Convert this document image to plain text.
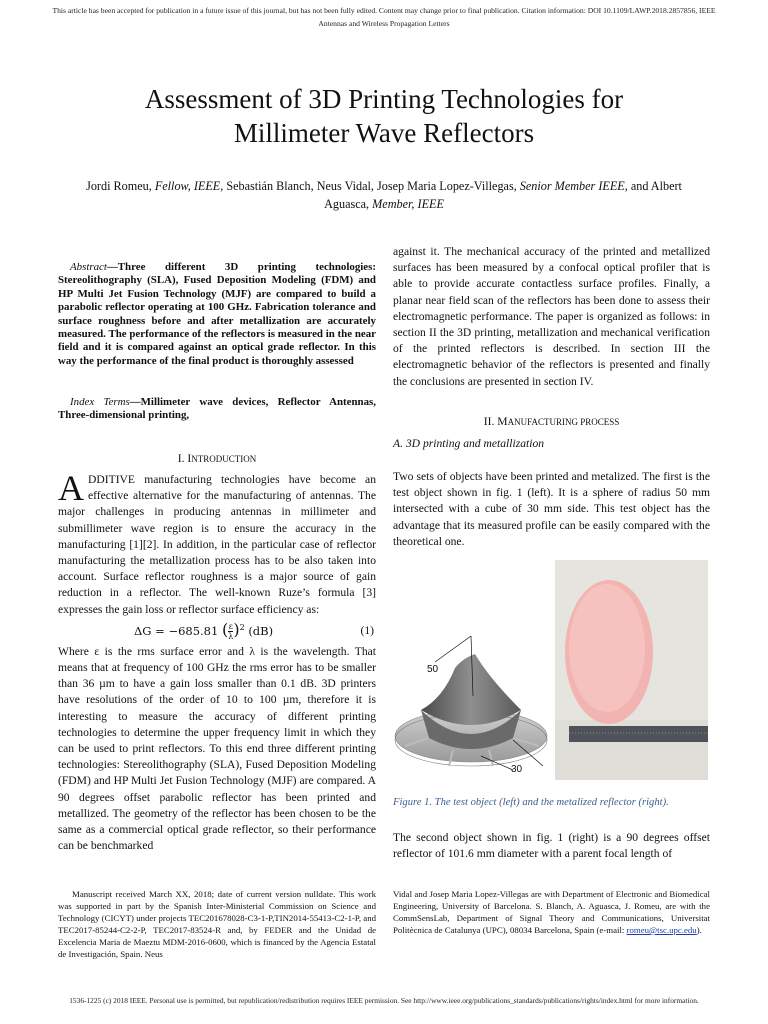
This article has been accepted for publication in a future issue of this journal, but has not been fully edited. Content may change prior to final publication. Citation information: DOI 10.1109/LAWP.2018.2857856, IEEE
Antennas and Wireless Propagation Letters
Assessment of 3D Printing Technologies for
Millimeter Wave Reflectors
Jordi Romeu, Fellow, IEEE, Sebastián Blanch, Neus Vidal, Josep Maria Lopez-Villegas, Senior Member IEEE, and Albert Aguasca, Member, IEEE

Abstract—Three different 3D printing technologies: Stereolithography (SLA), Fused Deposition Modeling (FDM) and HP Multi Jet Fusion Technology (MJF) are compared to build a parabolic reflector operating at 100 GHz. Fabrication tolerance and surface roughness before and after metallization are accurately measured. The performance of the reflectors is measured in the near field and it is compared against an optical grade reflector. In this way the performance of the final product is thoroughly assessed

Index Terms—Millimeter wave devices, Reflector Antennas, Three-dimensional printing,

I. INTRODUCTION

ADDITIVE manufacturing technologies have become an effective alternative for the manufacturing of antennas. The major challenges in producing antennas in millimeter and submillimeter wave region is to ensure the accuracy in the manufacturing [1][2]. In addition, in the particular case of reflector manufacturing the metallization process has to be also taken into account. Surface reflector roughness is a major source of gain reduction in a reflector. The well-known Ruze’s formula [3] expresses the gain loss or reflector surface efficiency as:

ΔG = −685.81 ( $\frac{\varepsilon}{\lambda} )^2$ (dB)	(1)

Where ε is the rms surface error and λ is the wavelength. That means that at frequency of 100 GHz the rms error has to be smaller than 36 µm to have a gain loss smaller than 0.1 dB. 3D printers have resolutions of the order of 10 to 100 µm, therefore it is interesting to measure the accuracy of different printing technologies to determine the upper frequency limit in which they can be used to print reflectors. To this end three different printing technologies: Stereolithography (SLA), Fused Deposition Modeling (FDM) and HP Multi Jet Fusion Technology (MJF) are compared. A 90 degrees offset parabolic reflector has been printed and metallized. The geometry of the reflector has been chosen to be the same as a commercial optical grade reflector, so their performance can be benchmarked

against it. The mechanical accuracy of the printed and metallized surfaces has been measured by a confocal optical profiler that is able to provide accurate contactless surface profiles. Finally, a planar near field scan of the reflectors has been done to assess their electromagnetic performance. The paper is organized as follows: in section II the 3D printing, metallization and mechanical verification of the printed reflectors is described. In section III the electromagnetic behavior of the reflectors is presented and finally the conclusions are presented in section IV.

II. MANUFACTURING PROCESS
A. 3D printing and metallization

Two sets of objects have been printed and metalized. The first is the test object shown in fig. 1 (left). It is a sphere of radius 50 mm intersected with a cube of 30 mm side. This test object has the advantage that its measured profile can be easily compared with the theoretical one.

50
30
Figure 1. The test object (left) and the metalized reflector (right).

The second object shown in fig. 1 (right) is a 90 degrees offset reflector of 101.6 mm diameter with a parent focal length of

Manuscript received March XX, 2018; date of current version nulldate. This work was supported in part by the Spanish Inter-Ministerial Commission on Science and Technology (CICYT) under projects TEC201678028-C3-1-P,TIN2014-55413-C2-1-P, and TEC2017-85244-C2-2-P, TEC2017-83524-R and, by FEDER and the Unidad de Excelencia Maria de Maeztu MDM-2016-0600, which is financed by the Agencia Estatal de Investigación, Spain. Neus

Vidal and Josep Maria Lopez-Villegas are with Department of Electronic and Biomedical Engineering, University of Barcelona. S. Blanch, A. Aguasca, J. Romeu, are with the CommSensLab, Department of Signal Theory and Communications, Universitat Politècnica de Catalunya (UPC), 08034 Barcelona, Spain (e-mail: romeu@tsc.upc.edu).

1536-1225 (c) 2018 IEEE. Personal use is permitted, but republication/redistribution requires IEEE permission. See http://www.ieee.org/publications_standards/publications/rights/index.html for more information.
